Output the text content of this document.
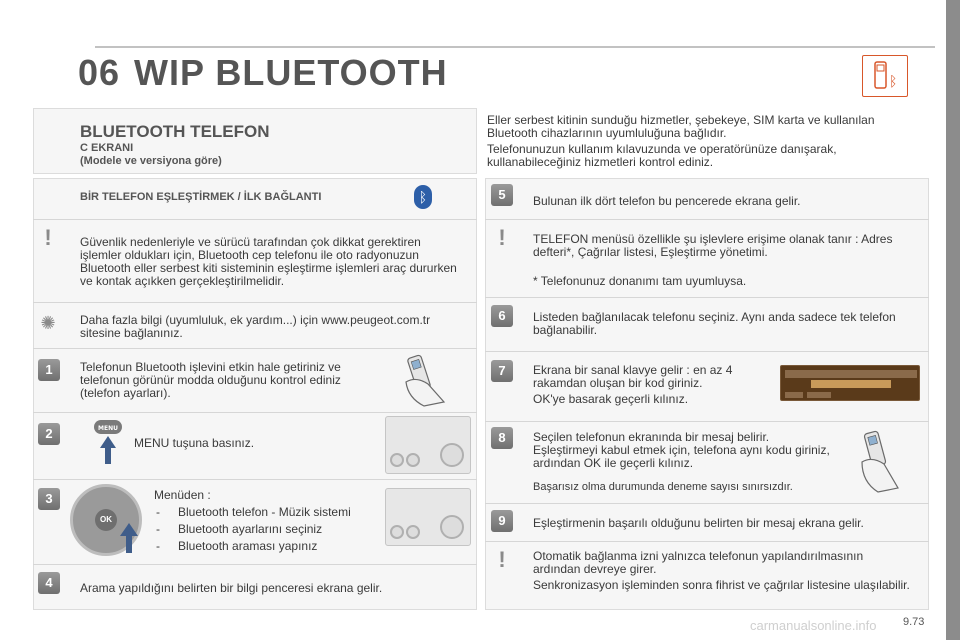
06 WIP BLUETOOTH	ᛒ
BLUETOOTH TELEFON
C EKRANI
(Modele ve versiyona göre)
Eller serbest kitinin sunduğu hizmetler, şebekeye, SIM karta ve kullanılan Bluetooth cihazlarının uyumluluğuna bağlıdır.
Telefonunuzun kullanım kılavuzunda ve operatörünüze danışarak, kullanabileceğiniz hizmetleri kontrol ediniz.
BİR TELEFON EŞLEŞTİRMEK / İLK BAĞLANTI	ᛒ
!	Güvenlik nedenleriyle ve sürücü tarafından çok dikkat gerektiren işlemler oldukları için, Bluetooth cep telefonu ile oto radyonuzun Bluetooth eller serbest kiti sisteminin eşleştirme işlemleri araç dururken ve kontak açıkken gerçekleştirilmelidir.
✺ Daha fazla bilgi (uyumluluk, ek yardım...) için www.peugeot.com.tr sitesine bağlanınız.
1	Telefonun Bluetooth işlevini etkin hale getiriniz ve telefonun görünür modda olduğunu kontrol ediniz (telefon ayarları).
2	MENU
MENU tuşuna basınız.
3
OK
Menüden :
- Bluetooth telefon - Müzik sistemi
- Bluetooth ayarlarını seçiniz
- Bluetooth araması yapınız
4	Arama yapıldığını belirten bir bilgi penceresi ekrana gelir.
5	Bulunan ilk dört telefon bu pencerede ekrana gelir.
!	TELEFON menüsü özellikle şu işlevlere erişime olanak tanır : Adres defteri*, Çağrılar listesi, Eşleştirme yönetimi.
* Telefonunuz donanımı tam uyumluysa.
6	Listeden bağlanılacak telefonu seçiniz. Aynı anda sadece tek telefon bağlanabilir.
7	Ekrana bir sanal klavye gelir : en az 4 rakamdan oluşan bir kod giriniz.
OK'ye basarak geçerli kılınız.
8	Seçilen telefonun ekranında bir mesaj belirir. Eşleştirmeyi kabul etmek için, telefona aynı kodu giriniz, ardından OK ile geçerli kılınız.
Başarısız olma durumunda deneme sayısı sınırsızdır.
9	Eşleştirmenin başarılı olduğunu belirten bir mesaj ekrana gelir.
!	Otomatik bağlanma izni yalnızca telefonun yapılandırılmasının ardından devreye girer.
Senkronizasyon işleminden sonra fihrist ve çağrılar listesine ulaşılabilir.
carmanualsonline.info 9.73
